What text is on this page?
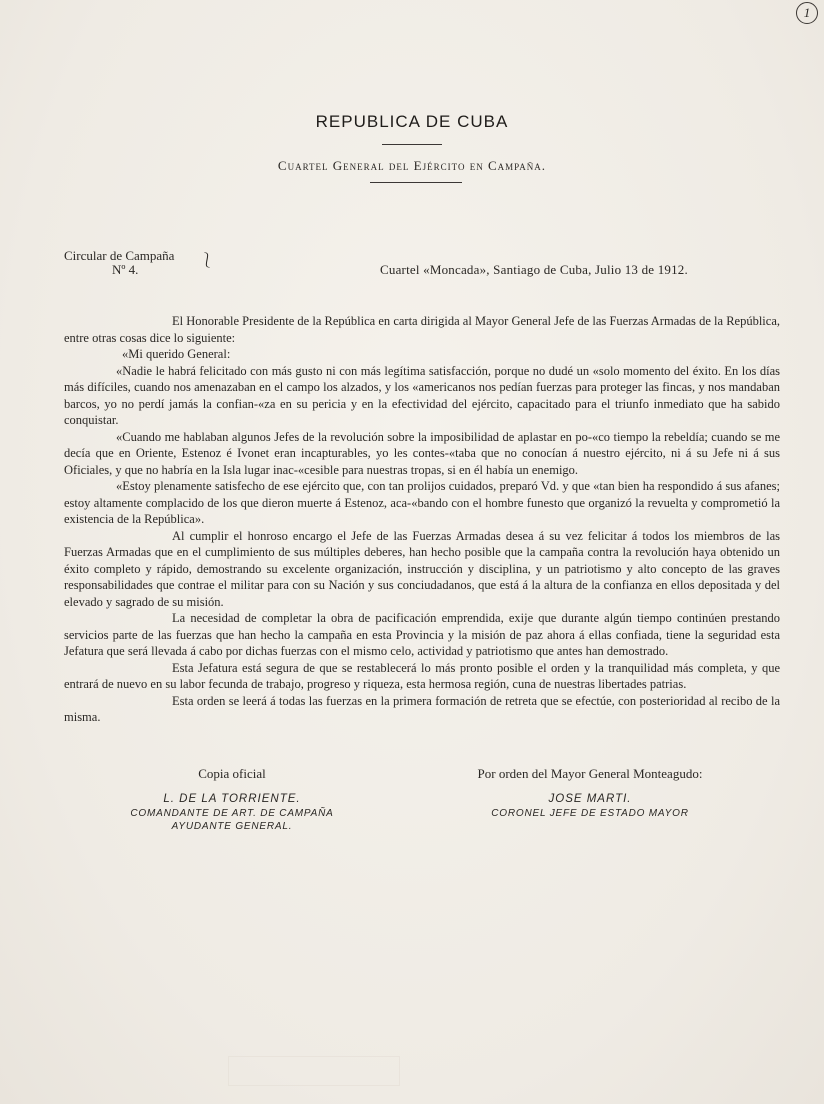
1
REPUBLICA DE CUBA
Cuartel General del Ejército en Campaña.
Circular de Campaña
Nº 4.
⎱
Cuartel «Moncada», Santiago de Cuba, Julio 13 de 1912.

El Honorable Presidente de la República en carta dirigida al Mayor General Jefe de las Fuerzas Armadas de la República, entre otras cosas dice lo siguiente:

«Mi querido General:

«Nadie le habrá felicitado con más gusto ni con más legítima satisfacción, porque no dudé un «solo momento del éxito. En los días más difíciles, cuando nos amenazaban en el campo los alzados, y los «americanos nos pedían fuerzas para proteger las fincas, y nos mandaban barcos, yo no perdí jamás la confian-«za en su pericia y en la efectividad del ejército, capacitado para el triunfo inmediato que ha sabido conquistar.

«Cuando me hablaban algunos Jefes de la revolución sobre la imposibilidad de aplastar en po-«co tiempo la rebeldía; cuando se me decía que en Oriente, Estenoz é Ivonet eran incapturables, yo les contes-«taba que no conocían á nuestro ejército, ni á su Jefe ni á sus Oficiales, y que no habría en la Isla lugar inac-«cesible para nuestras tropas, si en él había un enemigo.

«Estoy plenamente satisfecho de ese ejército que, con tan prolijos cuidados, preparó Vd. y que «tan bien ha respondido á sus afanes; estoy altamente complacido de los que dieron muerte á Estenoz, aca-«bando con el hombre funesto que organizó la revuelta y comprometió la existencia de la República».

Al cumplir el honroso encargo el Jefe de las Fuerzas Armadas desea á su vez felicitar á todos los miembros de las Fuerzas Armadas que en el cumplimiento de sus múltiples deberes, han hecho posible que la campaña contra la revolución haya obtenido un éxito completo y rápido, demostrando su excelente organización, instrucción y disciplina, y un patriotismo y alto concepto de las graves responsabilidades que contrae el militar para con su Nación y sus conciudadanos, que está á la altura de la confianza en ellos depositada y del elevado y sagrado de su misión.

La necesidad de completar la obra de pacificación emprendida, exije que durante algún tiempo continúen prestando servicios parte de las fuerzas que han hecho la campaña en esta Provincia y la misión de paz ahora á ellas confiada, tiene la seguridad esta Jefatura que será llevada á cabo por dichas fuerzas con el mismo celo, actividad y patriotismo que antes han demostrado.

Esta Jefatura está segura de que se restablecerá lo más pronto posible el orden y la tranquilidad más completa, y que entrará de nuevo en su labor fecunda de trabajo, progreso y riqueza, esta hermosa región, cuna de nuestras libertades patrias.

Esta orden se leerá á todas las fuerzas en la primera formación de retreta que se efectúe, con posterioridad al recibo de la misma.

Copia oficial
L. DE LA TORRIENTE.
COMANDANTE DE ART. DE CAMPAÑA
AYUDANTE GENERAL.
Por orden del Mayor General Monteagudo:
JOSE MARTI.
CORONEL JEFE DE ESTADO MAYOR
